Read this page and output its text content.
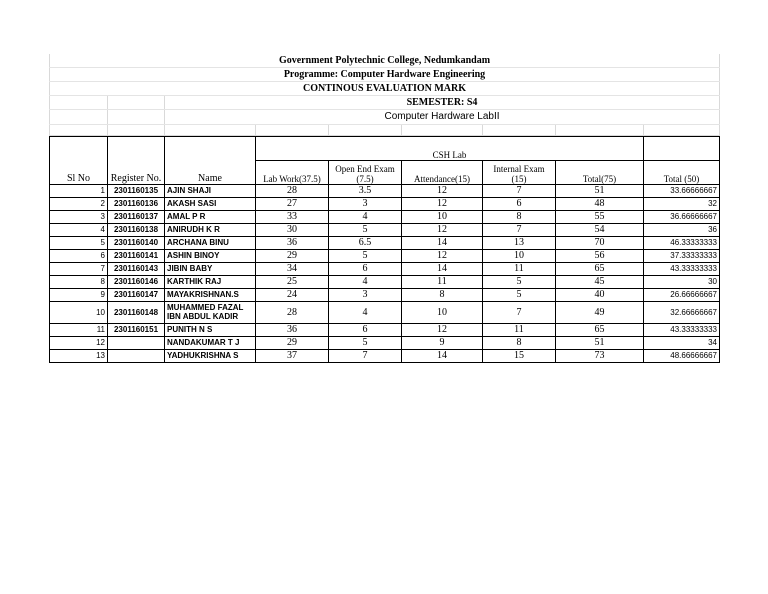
Government Polytechnic College, Nedumkandam								
Programme: Computer Hardware Engineering								
CONTINOUS EVALUATION MARK								
		SEMESTER: S4						
		Computer Hardware LabII						

Sl No	Register No.	Name	CSH Lab					
			Lab Work(37.5)	Open End Exam (7.5)	Attendance(15)	Internal Exam (15)	Total(75)	Total (50)
1	2301160135	AJIN SHAJI	28	3.5	12	7	51	33.66666667
2	2301160136	AKASH SASI	27	3	12	6	48	32
3	2301160137	AMAL P R	33	4	10	8	55	36.66666667
4	2301160138	ANIRUDH K R	30	5	12	7	54	36
5	2301160140	ARCHANA BINU	36	6.5	14	13	70	46.33333333
6	2301160141	ASHIN BINOY	29	5	12	10	56	37.33333333
7	2301160143	JIBIN BABY	34	6	14	11	65	43.33333333
8	2301160146	KARTHIK RAJ	25	4	11	5	45	30
9	2301160147	MAYAKRISHNAN.S	24	3	8	5	40	26.66666667
10	2301160148	MUHAMMED FAZAL IBN ABDUL KADIR	28	4	10	7	49	32.66666667
11	2301160151	PUNITH N S	36	6	12	11	65	43.33333333
12		NANDAKUMAR T J	29	5	9	8	51	34
13		YADHUKRISHNA S	37	7	14	15	73	48.66666667
